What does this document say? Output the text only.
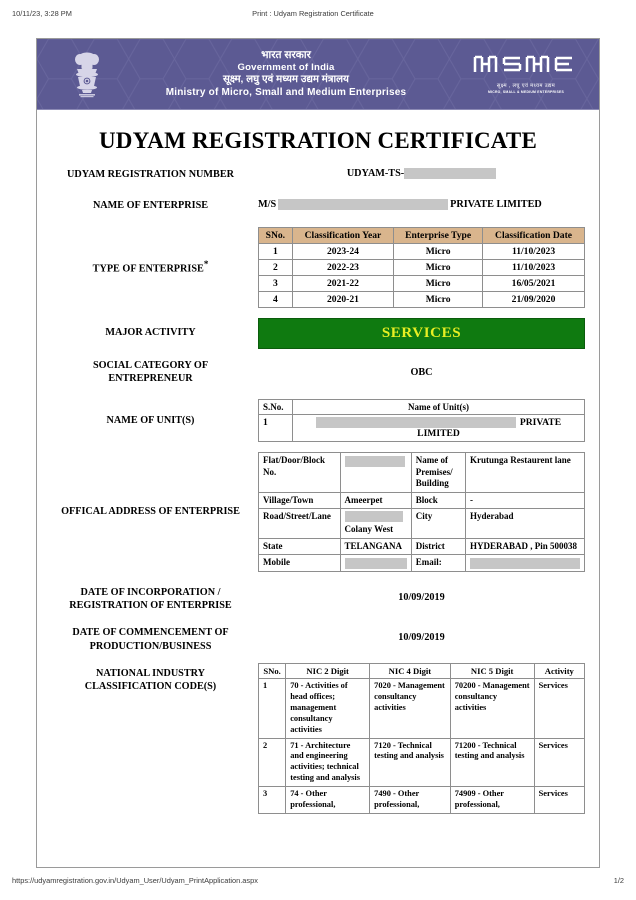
10/11/23, 3:28 PM	Print : Udyam Registration Certificate
भारत सरकार
Government of India
सूक्ष्म, लघु एवं मध्यम उद्यम मंत्रालय
Ministry of Micro, Small and Medium Enterprises
सूक्ष्म , लघु एवं मध्यम उद्यम
MICRO, SMALL & MEDIUM ENTERPRISES
UDYAM REGISTRATION CERTIFICATE
UDYAM REGISTRATION NUMBER	UDYAM-TS-
NAME OF ENTERPRISE	M/S	PRIVATE LIMITED
TYPE OF ENTERPRISE*
SNo.	Classification Year	Enterprise Type	Classification Date
1	2023-24	Micro	11/10/2023
2	2022-23	Micro	11/10/2023
3	2021-22	Micro	16/05/2021
4	2020-21	Micro	21/09/2020
MAJOR ACTIVITY	SERVICES
SOCIAL CATEGORY OF
ENTREPRENEUR
OBC
NAME OF UNIT(S)
S.No.	Name of Unit(s)
1	PRIVATE LIMITED
OFFICAL ADDRESS OF ENTERPRISE
Flat/Door/Block No.		Name of Premises/ Building	Krutunga Restaurent lane
Village/Town	Ameerpet	Block	-
Road/Street/Lane	Colany West	City	Hyderabad
State	TELANGANA	District	HYDERABAD , Pin 500038
Mobile		Email:	
DATE OF INCORPORATION /
REGISTRATION OF ENTERPRISE
10/09/2019
DATE OF COMMENCEMENT OF
PRODUCTION/BUSINESS
10/09/2019
NATIONAL INDUSTRY
CLASSIFICATION CODE(S)
SNo.	NIC 2 Digit	NIC 4 Digit	NIC 5 Digit	Activity
1	70 - Activities of head offices; management consultancy activities	7020 - Management consultancy activities	70200 - Management consultancy activities	Services
2	71 - Architecture and engineering activities; technical testing and analysis	7120 - Technical testing and analysis	71200 - Technical testing and analysis	Services
3	74 - Other professional,	7490 - Other professional,	74909 - Other professional,	Services
https://udyamregistration.gov.in/Udyam_User/Udyam_PrintApplication.aspx	1/2
